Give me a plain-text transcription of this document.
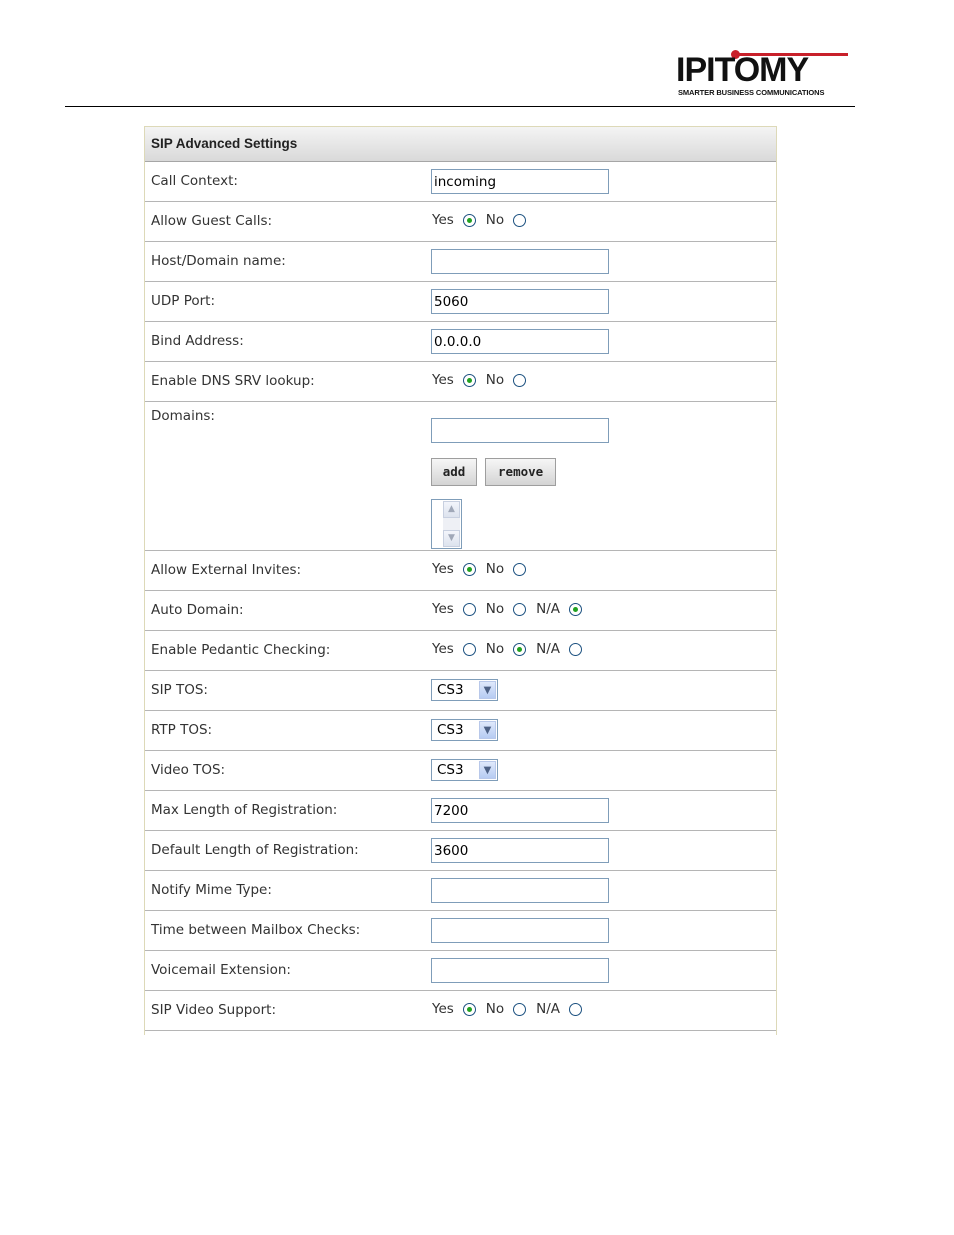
IPITOMY
SMARTER BUSINESS COMMUNICATIONS
SIP Advanced Settings
Call Context:
incoming
Allow Guest Calls:	Yes No
Host/Domain name:
UDP Port:
5060
Bind Address:
0.0.0.0
Enable DNS SRV lookup:	Yes No
Domains:
add	remove
▲
▼
Allow External Invites:	Yes No
Auto Domain:	Yes No N/A
Enable Pedantic Checking:	Yes No N/A
SIP TOS:	CS3	▼
RTP TOS:	CS3	▼
Video TOS:	CS3	▼
Max Length of Registration:
7200
Default Length of Registration:
3600
Notify Mime Type:
Time between Mailbox Checks:
Voicemail Extension:
SIP Video Support:	Yes No N/A
